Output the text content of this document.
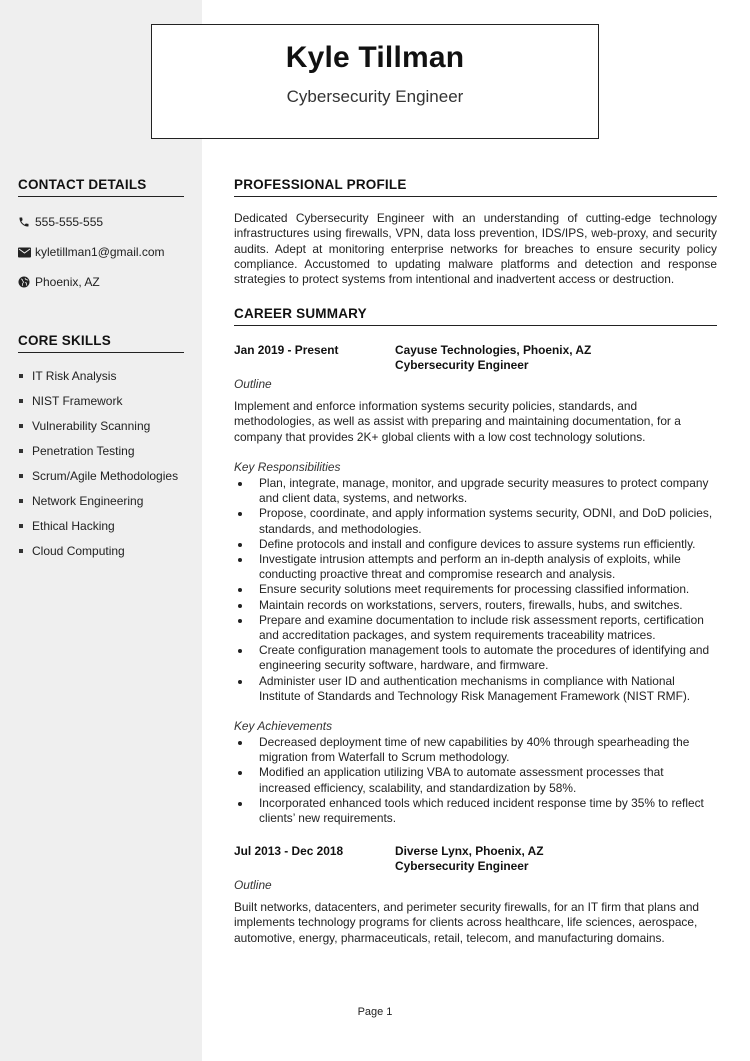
Kyle Tillman
Cybersecurity Engineer
CONTACT DETAILS
555-555-555
kyletillman1@gmail.com
Phoenix, AZ
CORE SKILLS
IT Risk Analysis
NIST Framework
Vulnerability Scanning
Penetration Testing
Scrum/Agile Methodologies
Network Engineering
Ethical Hacking
Cloud Computing
PROFESSIONAL PROFILE

Dedicated Cybersecurity Engineer with an understanding of cutting-edge technology infrastructures using firewalls, VPN, data loss prevention, IDS/IPS, web-proxy, and security audits. Adept at monitoring enterprise networks for breaches to ensure security policy compliance. Accustomed to updating malware platforms and detection and response strategies to protect systems from intentional and inadvertent access or destruction.

CAREER SUMMARY
Jan 2019 - Present	Cayuse Technologies, Phoenix, AZ
Cybersecurity Engineer
Outline

Implement and enforce information systems security policies, standards, and methodologies, as well as assist with preparing and maintaining documentation, for a company that provides 2K+ global clients with a low cost technology solutions.

Key Responsibilities
Plan, integrate, manage, monitor, and upgrade security measures to protect company and client data, systems, and networks.
Propose, coordinate, and apply information systems security, ODNI, and DoD policies, standards, and methodologies.
Define protocols and install and configure devices to assure systems run efficiently.
Investigate intrusion attempts and perform an in-depth analysis of exploits, while conducting proactive threat and compromise research and analysis.
Ensure security solutions meet requirements for processing classified information.
Maintain records on workstations, servers, routers, firewalls, hubs, and switches.
Prepare and examine documentation to include risk assessment reports, certification and accreditation packages, and system requirements traceability matrices.
Create configuration management tools to automate the procedures of identifying and engineering security software, hardware, and firmware.
Administer user ID and authentication mechanisms in compliance with National Institute of Standards and Technology Risk Management Framework (NIST RMF).
Key Achievements
Decreased deployment time of new capabilities by 40% through spearheading the migration from Waterfall to Scrum methodology.
Modified an application utilizing VBA to automate assessment processes that increased efficiency, scalability, and standardization by 58%.
Incorporated enhanced tools which reduced incident response time by 35% to reflect clients’ new requirements.
Jul 2013 - Dec 2018	Diverse Lynx, Phoenix, AZ
Cybersecurity Engineer
Outline

Built networks, datacenters, and perimeter security firewalls, for an IT firm that plans and implements technology programs for clients across healthcare, life sciences, aerospace, automotive, energy, pharmaceuticals, retail, telecom, and manufacturing domains.

Page 1
